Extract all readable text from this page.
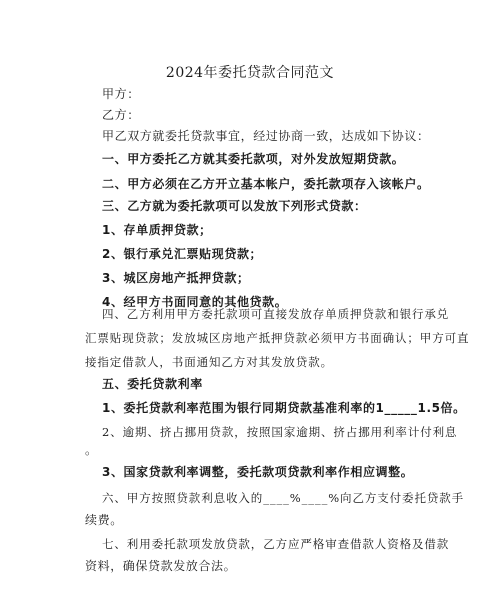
2024年委托贷款合同范文
甲方：
乙方：
甲乙双方就委托贷款事宜，经过协商一致，达成如下协议：
一、甲方委托乙方就其委托款项，对外发放短期贷款。
二、甲方必须在乙方开立基本帐户，委托款项存入该帐户。
三、乙方就为委托款项可以发放下列形式贷款：
1、存单质押贷款；
2、银行承兑汇票贴现贷款；
3、城区房地产抵押贷款；
4、经甲方书面同意的其他贷款。
四、乙方利用甲方委托款项可直接发放存单质押贷款和银行承兑
汇票贴现贷款；发放城区房地产抵押贷款必须甲方书面确认；甲方可直
接指定借款人，书面通知乙方对其发放贷款。
五、委托贷款利率
1、委托贷款利率范围为银行同期贷款基准利率的1_____1.5倍。
2、逾期、挤占挪用贷款，按照国家逾期、挤占挪用利率计付利息
。
3、国家贷款利率调整，委托款项贷款利率作相应调整。
六、甲方按照贷款利息收入的____%____%向乙方支付委托贷款手
续费。
七、利用委托款项发放贷款，乙方应严格审查借款人资格及借款
资料，确保贷款发放合法。
